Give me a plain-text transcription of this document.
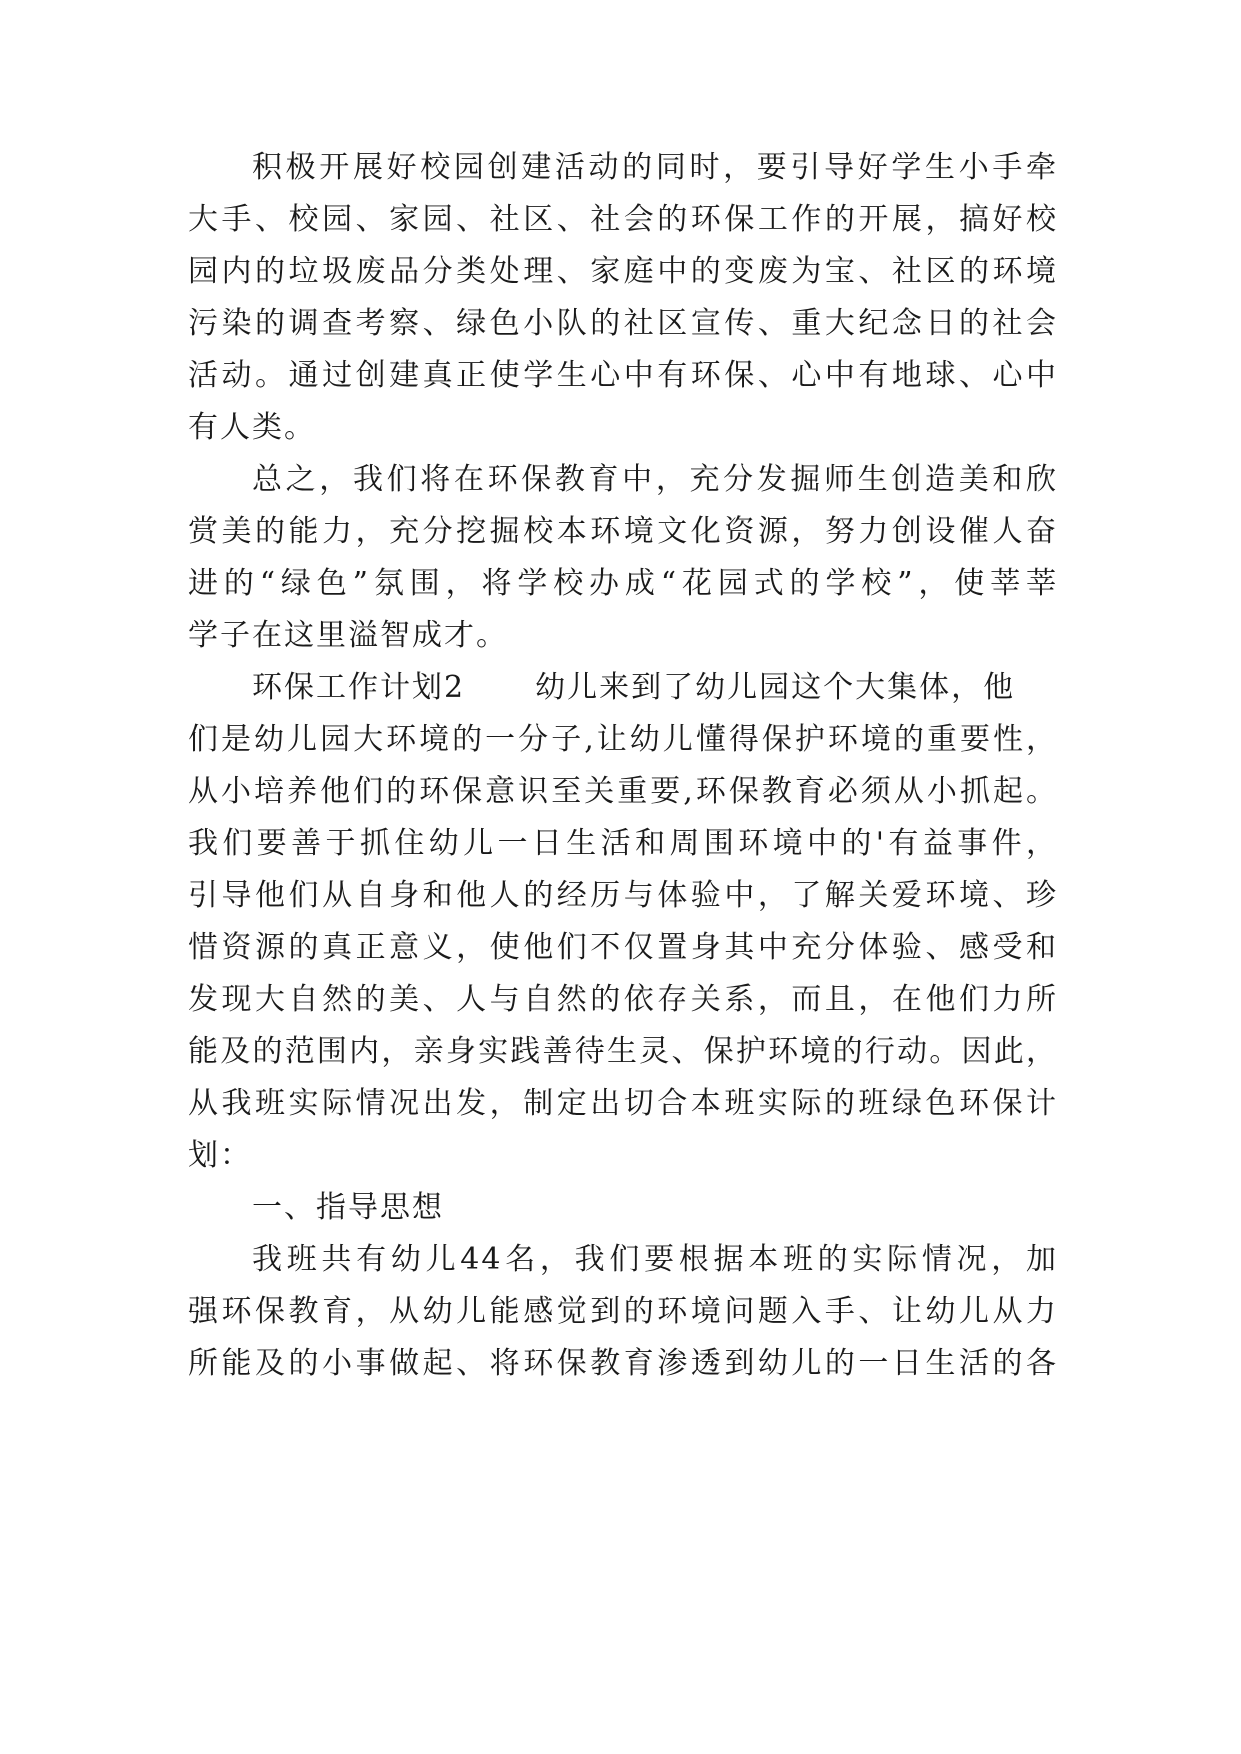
积极开展好校园创建活动的同时，要引导好学生小手牵
大手、校园、家园、社区、社会的环保工作的开展，搞好校
园内的垃圾废品分类处理、家庭中的变废为宝、社区的环境
污染的调查考察、绿色小队的社区宣传、重大纪念日的社会
活动。通过创建真正使学生心中有环保、心中有地球、心中
有人类。
总之，我们将在环保教育中，充分发掘师生创造美和欣
赏美的能力，充分挖掘校本环境文化资源，努力创设催人奋
进的“绿色”氛围，将学校办成“花园式的学校”，使莘莘
学子在这里溢智成才。
环保工作计划2 幼儿来到了幼儿园这个大集体，他
们是幼儿园大环境的一分子,让幼儿懂得保护环境的重要性，
从小培养他们的环保意识至关重要,环保教育必须从小抓起。
我们要善于抓住幼儿一日生活和周围环境中的'有益事件，
引导他们从自身和他人的经历与体验中，了解关爱环境、珍
惜资源的真正意义，使他们不仅置身其中充分体验、感受和
发现大自然的美、人与自然的依存关系，而且，在他们力所
能及的范围内，亲身实践善待生灵、保护环境的行动。因此，
从我班实际情况出发，制定出切合本班实际的班绿色环保计
划：
一、指导思想
我班共有幼儿44名，我们要根据本班的实际情况，加
强环保教育，从幼儿能感觉到的环境问题入手、让幼儿从力
所能及的小事做起、将环保教育渗透到幼儿的一日生活的各
